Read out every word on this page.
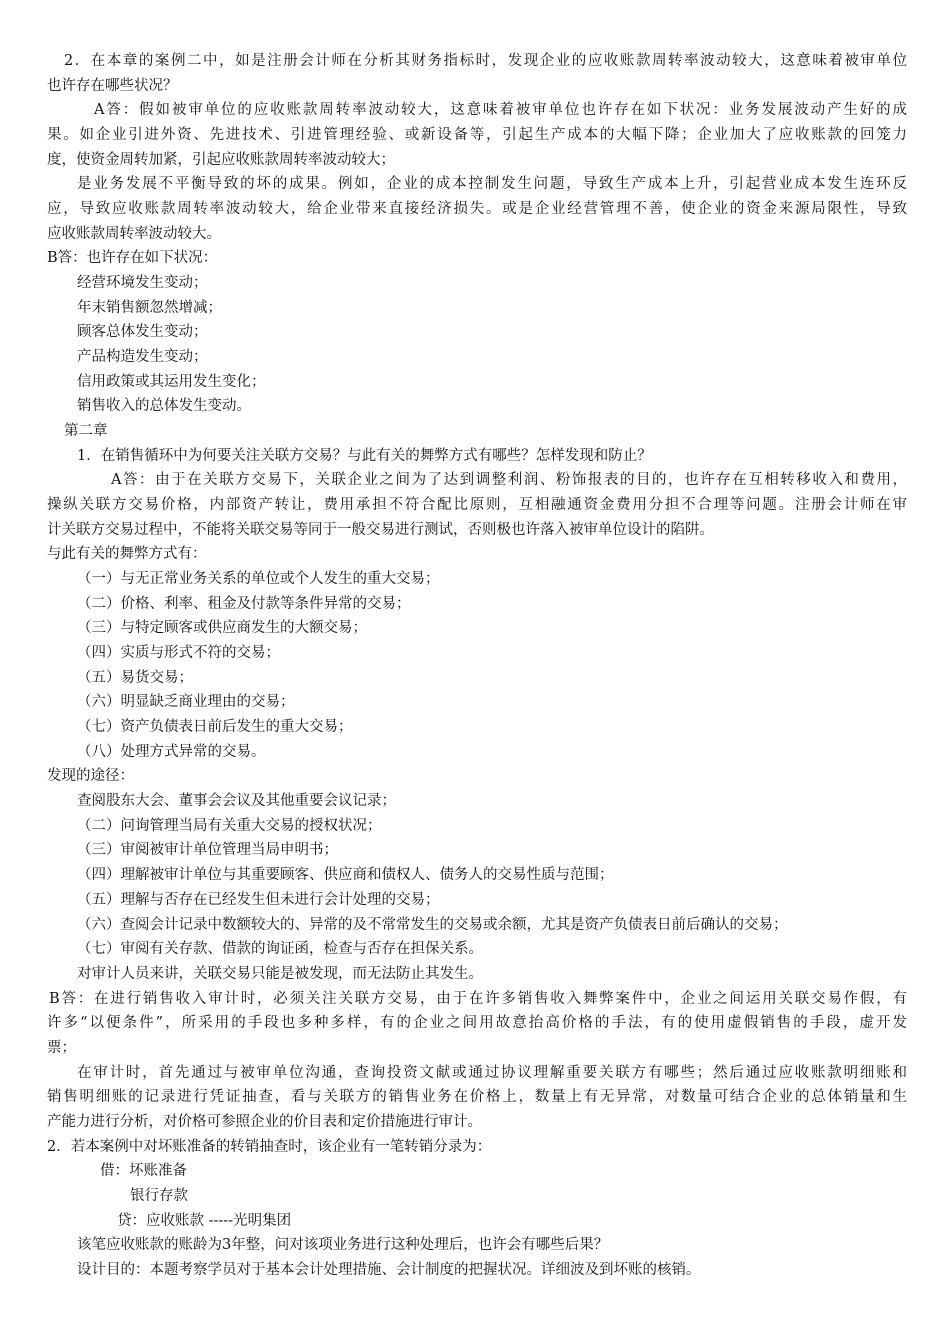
2．在本章的案例二中，如是注册会计师在分析其财务指标时，发现企业的应收账款周转率波动较大，这意味着被审单位
也许存在哪些状况？
A答：假如被审单位的应收账款周转率波动较大，这意味着被审单位也许存在如下状况：业务发展波动产生好的成
果。如企业引进外资、先进技术、引进管理经验、或新设备等，引起生产成本的大幅下降；企业加大了应收账款的回笼力
度，使资金周转加紧，引起应收账款周转率波动较大；
是业务发展不平衡导致的坏的成果。例如，企业的成本控制发生问题，导致生产成本上升，引起营业成本发生连环反
应，导致应收账款周转率波动较大，给企业带来直接经济损失。或是企业经营管理不善，使企业的资金来源局限性，导致
应收账款周转率波动较大。
B答：也许存在如下状况：
经营环境发生变动；
年末销售额忽然增减；
顾客总体发生变动；
产品构造发生变动；
信用政策或其运用发生变化；
销售收入的总体发生变动。
第二章
1．在销售循环中为何要关注关联方交易？与此有关的舞弊方式有哪些？怎样发现和防止？
A答：由于在关联方交易下，关联企业之间为了达到调整利润、粉饰报表的目的，也许存在互相转移收入和费用，
操纵关联方交易价格，内部资产转让，费用承担不符合配比原则，互相融通资金费用分担不合理等问题。注册会计师在审
计关联方交易过程中，不能将关联交易等同于一般交易进行测试，否则极也许落入被审单位设计的陷阱。
与此有关的舞弊方式有：
（一）与无正常业务关系的单位或个人发生的重大交易；
（二）价格、利率、租金及付款等条件异常的交易；
（三）与特定顾客或供应商发生的大额交易；
（四）实质与形式不符的交易；
（五）易货交易；
（六）明显缺乏商业理由的交易；
（七）资产负债表日前后发生的重大交易；
（八）处理方式异常的交易。
发现的途径：
查阅股东大会、董事会会议及其他重要会议记录；
（二）问询管理当局有关重大交易的授权状况；
（三）审阅被审计单位管理当局申明书；
（四）理解被审计单位与其重要顾客、供应商和债权人、债务人的交易性质与范围；
（五）理解与否存在已经发生但未进行会计处理的交易；
（六）查阅会计记录中数额较大的、异常的及不常常发生的交易或余额，尤其是资产负债表日前后确认的交易；
（七）审阅有关存款、借款的询证函，检查与否存在担保关系。
对审计人员来讲，关联交易只能是被发现，而无法防止其发生。
B答：在进行销售收入审计时，必须关注关联方交易，由于在许多销售收入舞弊案件中，企业之间运用关联交易作假，有
许多“以便条件”，所采用的手段也多种多样，有的企业之间用故意抬高价格的手法，有的使用虚假销售的手段，虚开发
票；
在审计时，首先通过与被审单位沟通，查询投资文献或通过协议理解重要关联方有哪些；然后通过应收账款明细账和
销售明细账的记录进行凭证抽查，看与关联方的销售业务在价格上，数量上有无异常，对数量可结合企业的总体销量和生
产能力进行分析，对价格可参照企业的价目表和定价措施进行审计。
2．若本案例中对坏账准备的转销抽查时，该企业有一笔转销分录为：
借：坏账准备
银行存款
贷：应收账款 -----光明集团
该笔应收账款的账龄为3年整，问对该项业务进行这种处理后，也许会有哪些后果？
设计目的：本题考察学员对于基本会计处理措施、会计制度的把握状况。详细波及到坏账的核销。
